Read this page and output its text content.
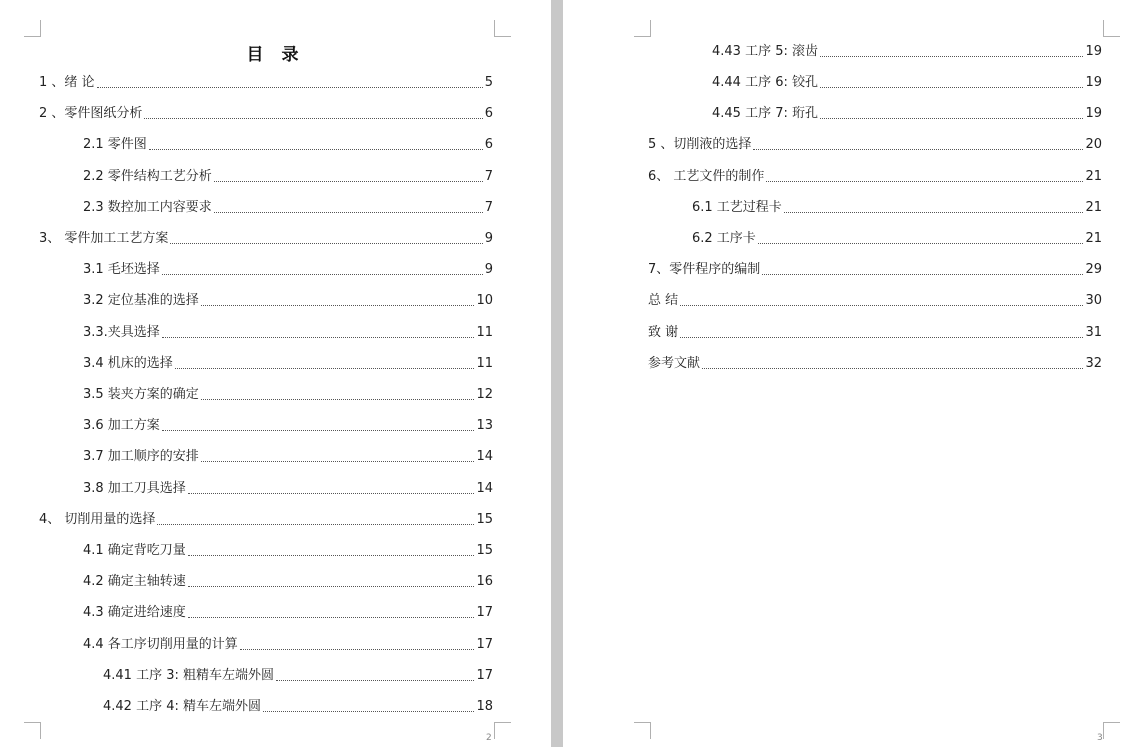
目 录
1 、绪 论	5
2 、零件图纸分析	6
2.1 零件图	6
2.2 零件结构工艺分析	7
2.3 数控加工内容要求	7
3、 零件加工工艺方案	9
3.1 毛坯选择	9
3.2 定位基准的选择	10
3.3.夹具选择	11
3.4 机床的选择	11
3.5 装夹方案的确定	12
3.6 加工方案	13
3.7 加工顺序的安排	14
3.8 加工刀具选择	14
4、 切削用量的选择	15
4.1 确定背吃刀量	15
4.2 确定主轴转速	16
4.3 确定进给速度	17
4.4 各工序切削用量的计算	17
4.41 工序 3: 粗精车左端外圆	17
4.42 工序 4: 精车左端外圆	18
2
4.43 工序 5: 滚齿	19
4.44 工序 6: 铰孔	19
4.45 工序 7: 珩孔	19
5 、切削液的选择	20
6、 工艺文件的制作	21
6.1 工艺过程卡	21
6.2 工序卡	21
7、零件程序的编制	29
总 结	30
致 谢	31
参考文献	32
3
